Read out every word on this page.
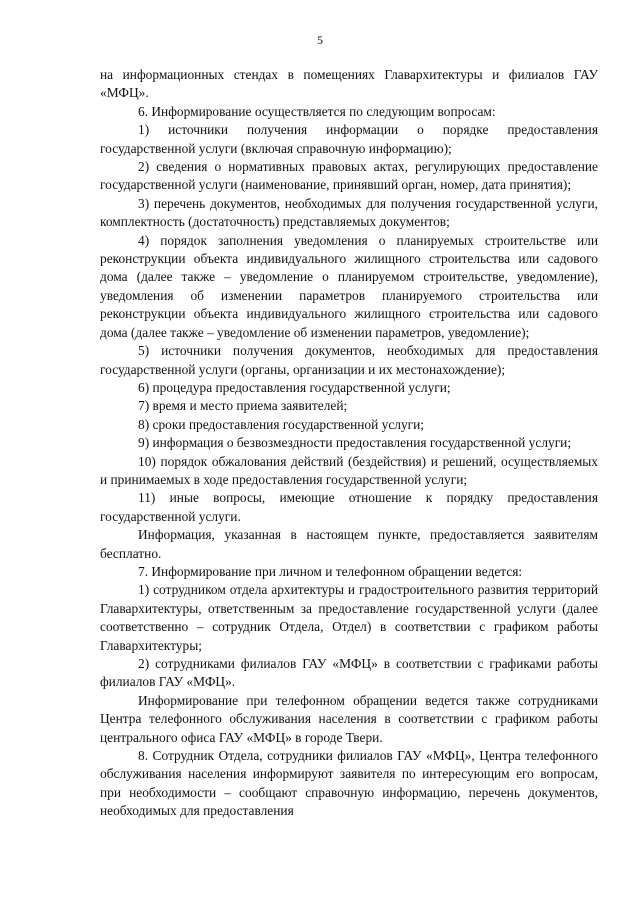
5

на информационных стендах в помещениях Главархитектуры и филиалов ГАУ «МФЦ».

6. Информирование осуществляется по следующим вопросам:

1) источники получения информации о порядке предоставления государственной услуги (включая справочную информацию);

2) сведения о нормативных правовых актах, регулирующих предоставление государственной услуги (наименование, принявший орган, номер, дата принятия);

3) перечень документов, необходимых для получения государственной услуги, комплектность (достаточность) представляемых документов;

4) порядок заполнения уведомления о планируемых строительстве или реконструкции объекта индивидуального жилищного строительства или садового дома (далее также – уведомление о планируемом строительстве, уведомление), уведомления об изменении параметров планируемого строительства или реконструкции объекта индивидуального жилищного строительства или садового дома (далее также – уведомление об изменении параметров, уведомление);

5) источники получения документов, необходимых для предоставления государственной услуги (органы, организации и их местонахождение);

6) процедура предоставления государственной услуги;

7) время и место приема заявителей;

8) сроки предоставления государственной услуги;

9) информация о безвозмездности предоставления государственной услуги;

10) порядок обжалования действий (бездействия) и решений, осуществляемых и принимаемых в ходе предоставления государственной услуги;

11) иные вопросы, имеющие отношение к порядку предоставления государственной услуги.

Информация, указанная в настоящем пункте, предоставляется заявителям бесплатно.

7. Информирование при личном и телефонном обращении ведется:

1) сотрудником отдела архитектуры и градостроительного развития территорий Главархитектуры, ответственным за предоставление государственной услуги (далее соответственно – сотрудник Отдела, Отдел) в соответствии с графиком работы Главархитектуры;

2) сотрудниками филиалов ГАУ «МФЦ» в соответствии с графиками работы филиалов ГАУ «МФЦ».

Информирование при телефонном обращении ведется также сотрудниками Центра телефонного обслуживания населения в соответствии с графиком работы центрального офиса ГАУ «МФЦ» в городе Твери.

8. Сотрудник Отдела, сотрудники филиалов ГАУ «МФЦ», Центра телефонного обслуживания населения информируют заявителя по интересующим его вопросам, при необходимости – сообщают справочную информацию, перечень документов, необходимых для предоставления
